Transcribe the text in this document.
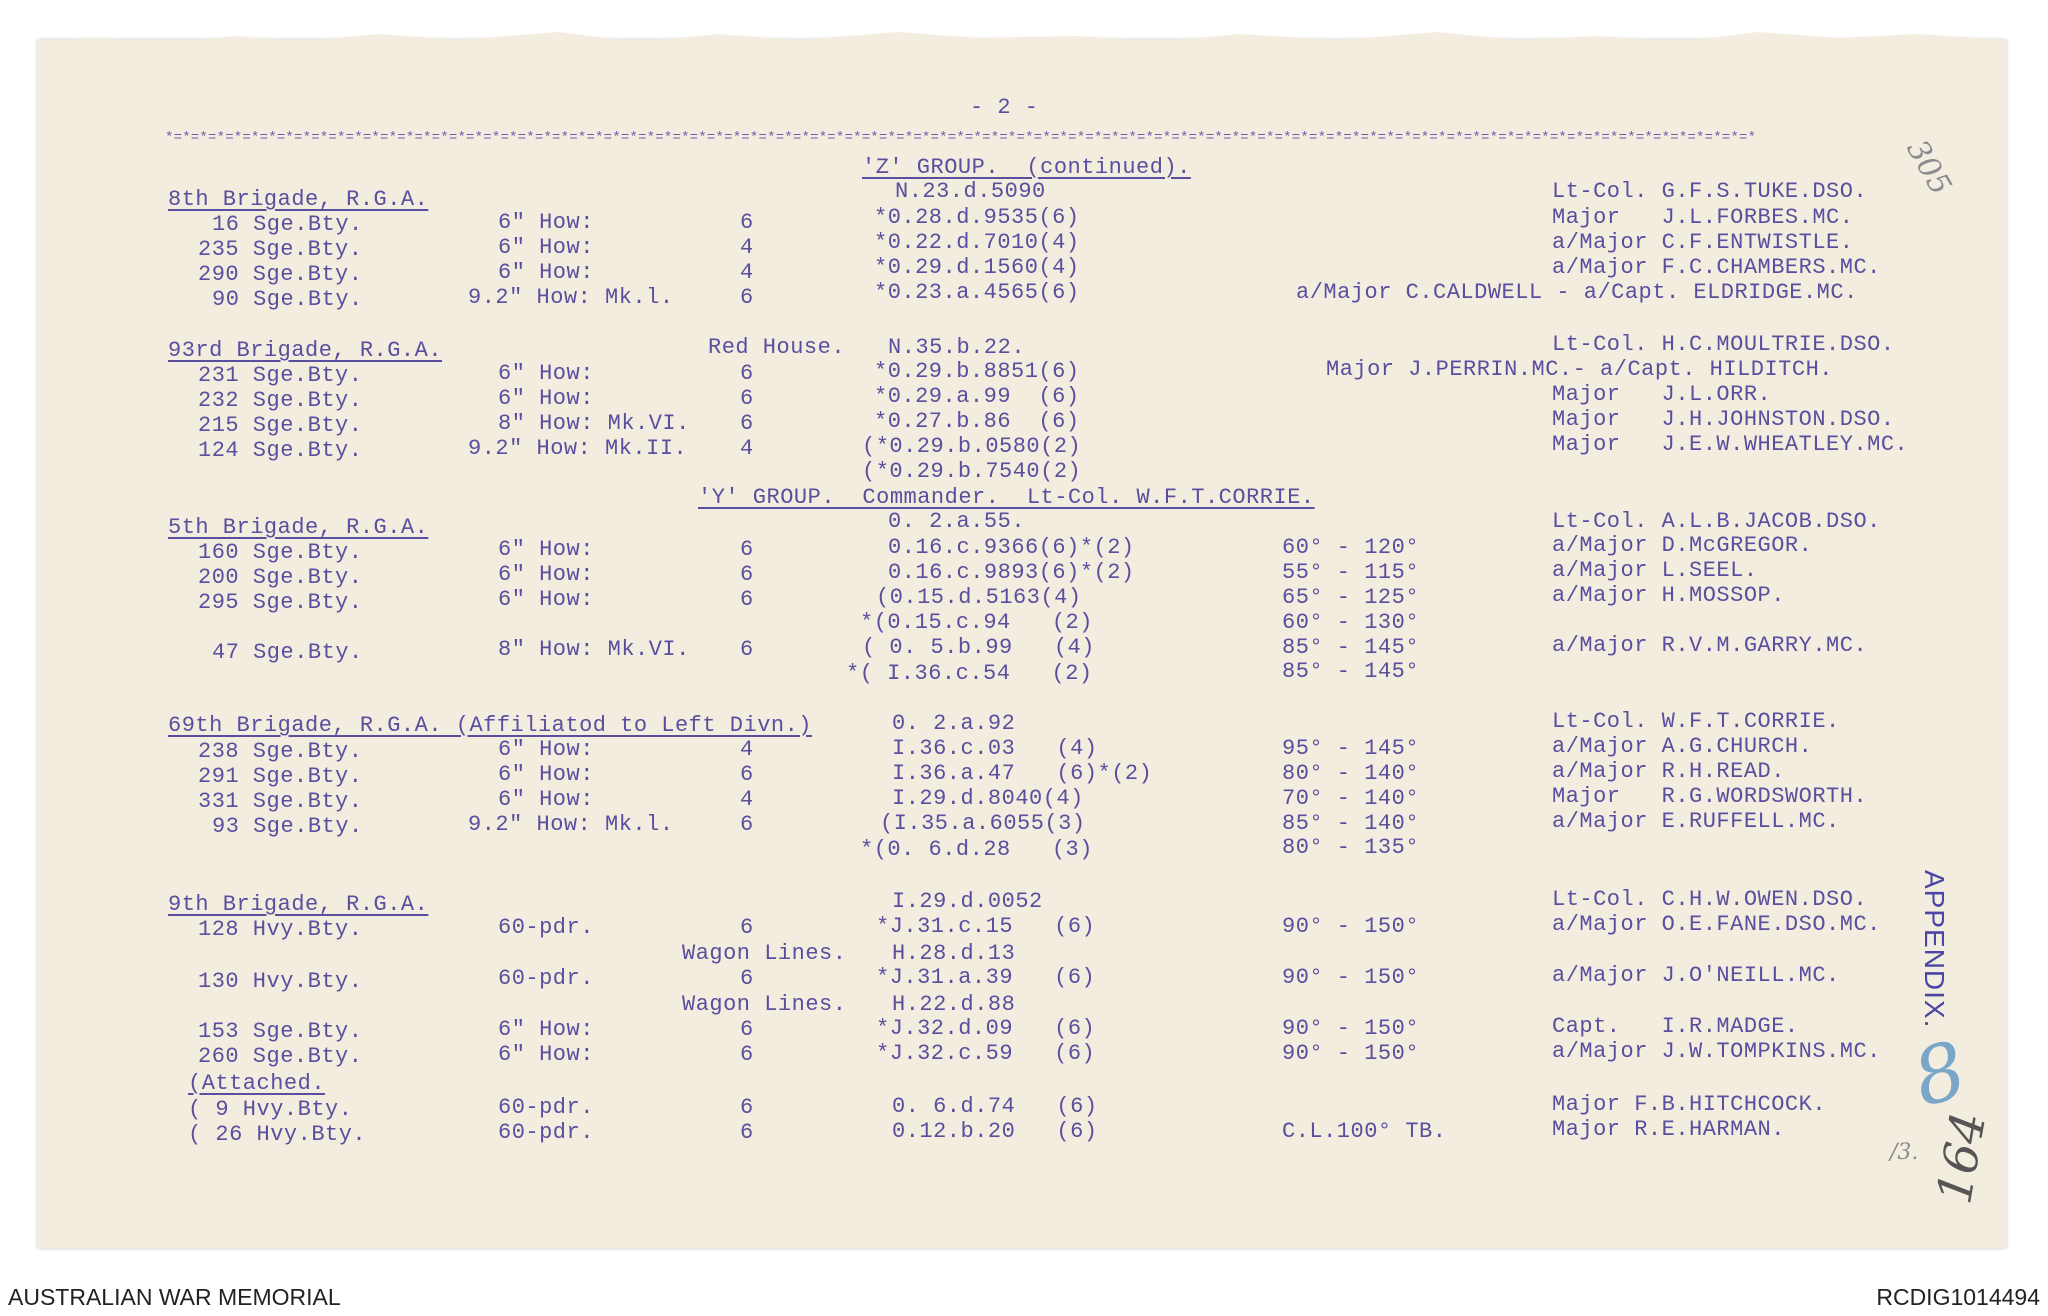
- 2 -
*=*=*=*=*=*=*=*=*=*=*=*=*=*=*=*=*=*=*=*=*=*=*=*=*=*=*=*=*=*=*=*=*=*=*=*=*=*=*=*=*=*=*=*=*=*=*=*=*=*=*=*=*=*=*=*=*=*=*=*=*=*=*=*=*=*=*=*=*=*=*=*=*=*=*=*=*=*=*=*=*=*=*=*=*=*=*=*=*=*=*=*=*
'Z' GROUP.  (continued).
8th Brigade, R.G.A.	N.23.d.5090	Lt-Col. G.F.S.TUKE.DSO.
16 Sge.Bty.	6" How:	6	*0.28.d.9535(6)	Major   J.L.FORBES.MC.
235 Sge.Bty.	6" How:	4	*0.22.d.7010(4)	a/Major C.F.ENTWISTLE.
290 Sge.Bty.	6" How:	4	*0.29.d.1560(4)	a/Major F.C.CHAMBERS.MC.
90 Sge.Bty.	9.2" How: Mk.l.	6	*0.23.a.4565(6)	a/Major C.CALDWELL - a/Capt. ELDRIDGE.MC.
93rd Brigade, R.G.A.	Red House. N.35.b.22.	Lt-Col. H.C.MOULTRIE.DSO.
231 Sge.Bty.	6" How:	6	*0.29.b.8851(6)	Major J.PERRIN.MC.- a/Capt. HILDITCH.
232 Sge.Bty.	6" How:	6	*0.29.a.99  (6)	Major   J.L.ORR.
215 Sge.Bty.	8" How: Mk.VI. 6	*0.27.b.86  (6)	Major   J.H.JOHNSTON.DSO.
124 Sge.Bty.	9.2" How: Mk.II. 4	(*0.29.b.0580(2)	Major   J.E.W.WHEATLEY.MC.
(*0.29.b.7540(2)
'Y' GROUP.  Commander.  Lt-Col. W.F.T.CORRIE.
5th Brigade, R.G.A.	0. 2.a.55.	Lt-Col. A.L.B.JACOB.DSO.
160 Sge.Bty.	6" How:	6	0.16.c.9366(6)*(2)	60° - 120°	a/Major D.McGREGOR.
200 Sge.Bty.	6" How:	6	0.16.c.9893(6)*(2)	55° - 115°	a/Major L.SEEL.
295 Sge.Bty.	6" How:	6	(0.15.d.5163(4)	65° - 125°	a/Major H.MOSSOP.
*(0.15.c.94   (2)	60° - 130°
47 Sge.Bty.	8" How: Mk.VI. 6	( 0. 5.b.99   (4)	85° - 145°	a/Major R.V.M.GARRY.MC.
*( I.36.c.54   (2)	85° - 145°
69th Brigade, R.G.A. (Affiliatod to Left Divn.)	0. 2.a.92	Lt-Col. W.F.T.CORRIE.
238 Sge.Bty.	6" How:	4	I.36.c.03   (4)	95° - 145°	a/Major A.G.CHURCH.
291 Sge.Bty.	6" How:	6	I.36.a.47   (6)*(2)	80° - 140°	a/Major R.H.READ.
331 Sge.Bty.	6" How:	4	I.29.d.8040(4)	70° - 140°	Major   R.G.WORDSWORTH.
93 Sge.Bty.	9.2" How: Mk.l.	6	(I.35.a.6055(3)	85° - 140°	a/Major E.RUFFELL.MC.
*(0. 6.d.28   (3)	80° - 135°
9th Brigade, R.G.A.	I.29.d.0052	Lt-Col. C.H.W.OWEN.DSO.
128 Hvy.Bty.	60-pdr.	6	*J.31.c.15   (6)	90° - 150°	a/Major O.E.FANE.DSO.MC.
Wagon Lines. H.28.d.13
130 Hvy.Bty.	60-pdr.	6	*J.31.a.39   (6)	90° - 150°	a/Major J.O'NEILL.MC.
Wagon Lines. H.22.d.88
153 Sge.Bty.	6" How:	6	*J.32.d.09   (6)	90° - 150°	Capt.   I.R.MADGE.
260 Sge.Bty.	6" How:	6	*J.32.c.59   (6)	90° - 150°	a/Major J.W.TOMPKINS.MC.
(Attached.
( 9 Hvy.Bty.	60-pdr.	6	0. 6.d.74   (6)	Major F.B.HITCHCOCK.
( 26 Hvy.Bty.	60-pdr.	6	0.12.b.20   (6)	C.L.100° TB.	Major R.E.HARMAN.
APPENDIX.
305
8
/3. 164
AUSTRALIAN WAR MEMORIAL	RCDIG1014494
